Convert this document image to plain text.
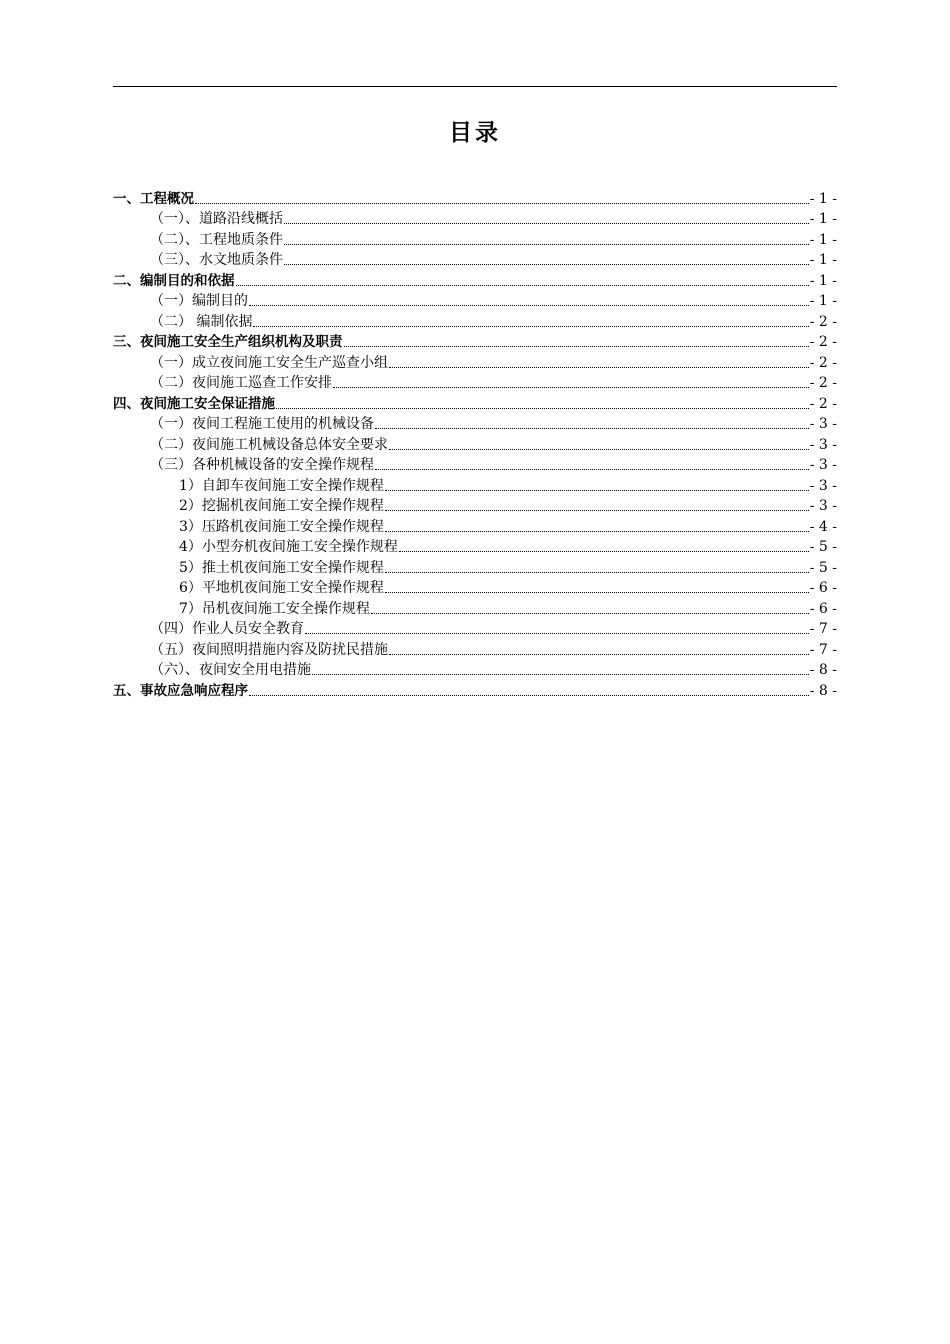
目录
一、工程概况	- 1 -
（一）、道路沿线概括	- 1 -
（二）、工程地质条件	- 1 -
（三）、水文地质条件	- 1 -
二、编制目的和依据	- 1 -
（一）编制目的	- 1 -
（二） 编制依据	- 2 -
三、夜间施工安全生产组织机构及职责	- 2 -
（一）成立夜间施工安全生产巡查小组	- 2 -
（二）夜间施工巡查工作安排	- 2 -
四、夜间施工安全保证措施	- 2 -
（一）夜间工程施工使用的机械设备	- 3 -
（二）夜间施工机械设备总体安全要求	- 3 -
（三）各种机械设备的安全操作规程	- 3 -
1）自卸车夜间施工安全操作规程	- 3 -
2）挖掘机夜间施工安全操作规程	- 3 -
3）压路机夜间施工安全操作规程	- 4 -
4）小型夯机夜间施工安全操作规程	- 5 -
5）推土机夜间施工安全操作规程	- 5 -
6）平地机夜间施工安全操作规程	- 6 -
7）吊机夜间施工安全操作规程	- 6 -
（四）作业人员安全教育	- 7 -
（五）夜间照明措施内容及防扰民措施	- 7 -
（六）、夜间安全用电措施	- 8 -
五、事故应急响应程序	- 8 -
